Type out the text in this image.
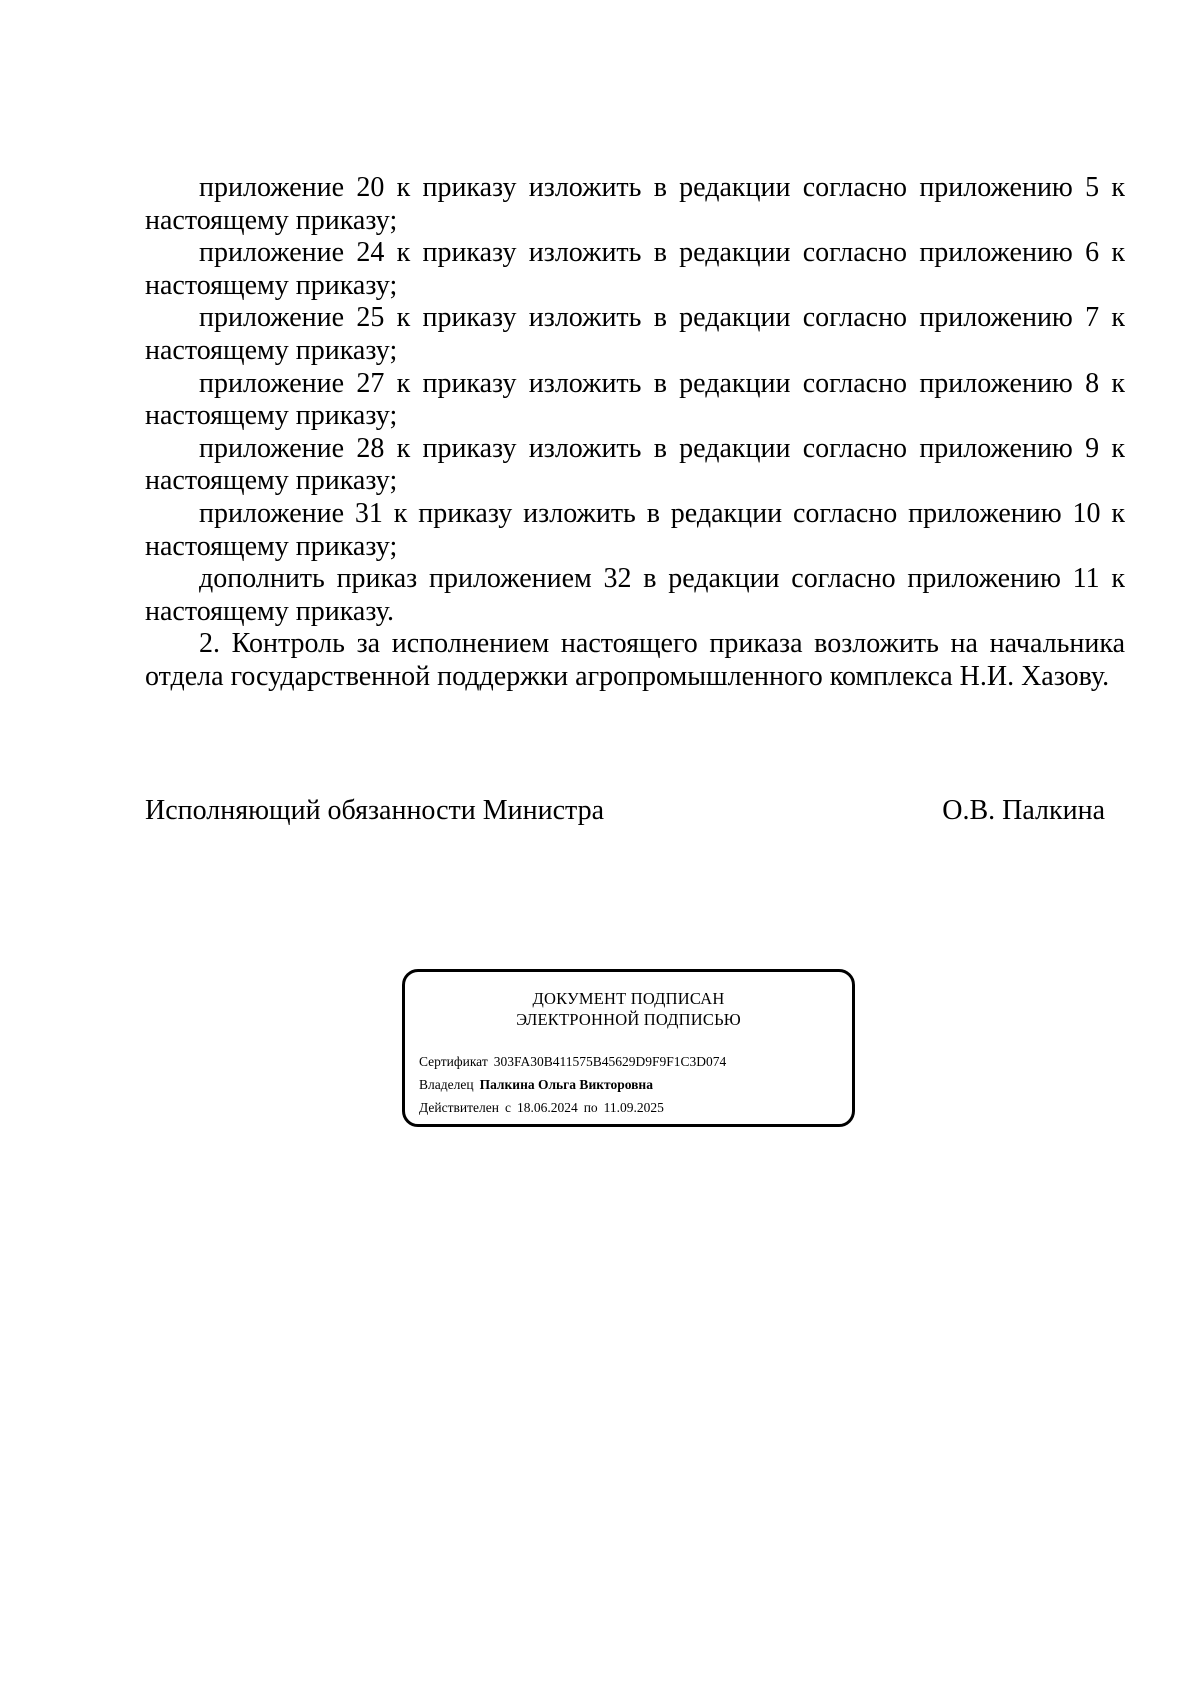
приложение 20 к приказу изложить в редакции согласно приложению 5 к настоящему приказу;

приложение 24 к приказу изложить в редакции согласно приложению 6 к настоящему приказу;

приложение 25 к приказу изложить в редакции согласно приложению 7 к настоящему приказу;

приложение 27 к приказу изложить в редакции согласно приложению 8 к настоящему приказу;

приложение 28 к приказу изложить в редакции согласно приложению 9 к настоящему приказу;

приложение 31 к приказу изложить в редакции согласно приложению 10 к настоящему приказу;

дополнить приказ приложением 32 в редакции согласно приложению 11 к настоящему приказу.

2. Контроль за исполнением настоящего приказа возложить на начальника отдела государственной поддержки агропромышленного комплекса Н.И. Хазову.

Исполняющий обязанности Министра	О.В. Палкина
ДОКУМЕНТ ПОДПИСАН
ЭЛЕКТРОННОЙ ПОДПИСЬЮ
Сертификат 303FA30B411575B45629D9F9F1C3D074
Владелец Палкина Ольга Викторовна
Действителен с 18.06.2024 по 11.09.2025
